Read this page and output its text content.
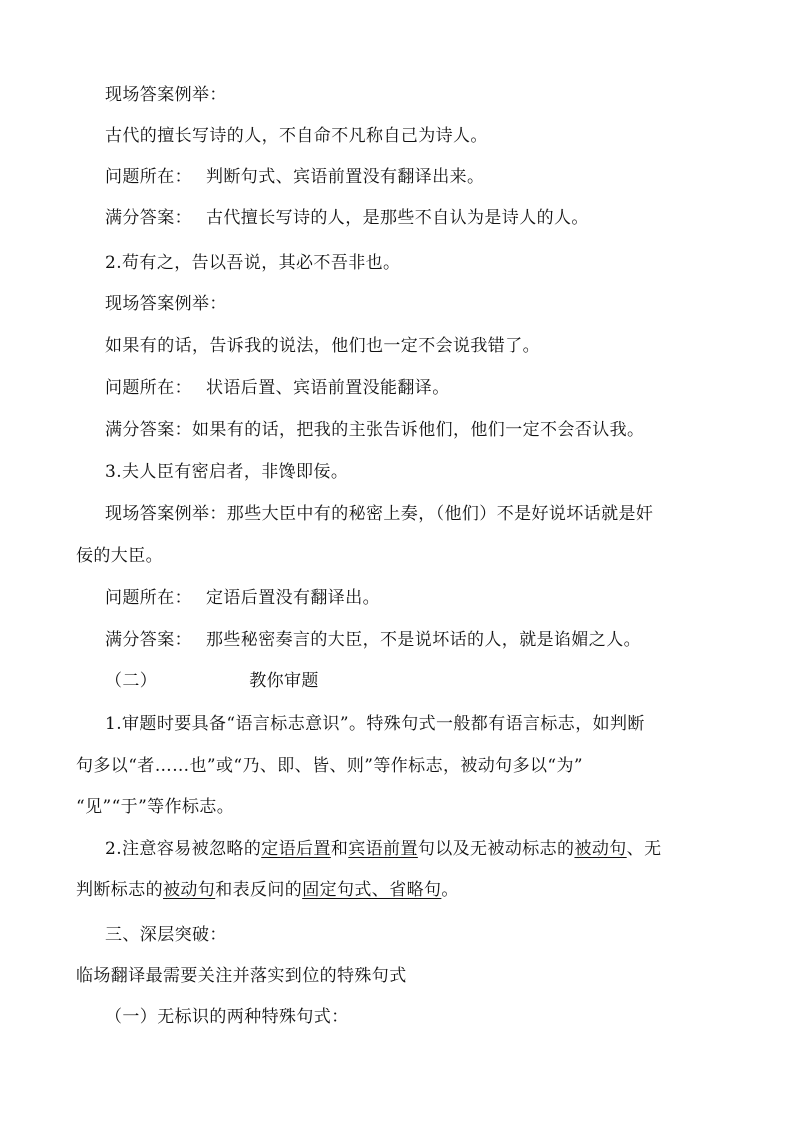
现场答案例举：
古代的擅长写诗的人，不自命不凡称自己为诗人。
问题所在： 判断句式、宾语前置没有翻译出来。
满分答案： 古代擅长写诗的人，是那些不自认为是诗人的人。
2.苟有之，告以吾说，其必不吾非也。
现场答案例举：
如果有的话，告诉我的说法，他们也一定不会说我错了。
问题所在： 状语后置、宾语前置没能翻译。
满分答案：如果有的话，把我的主张告诉他们，他们一定不会否认我。
3.夫人臣有密启者，非馋即佞。
现场答案例举：那些大臣中有的秘密上奏，（他们）不是好说坏话就是奸
佞的大臣。
问题所在： 定语后置没有翻译出。
满分答案： 那些秘密奏言的大臣，不是说坏话的人，就是谄媚之人。
（二）	教你审题
1.审题时要具备“语言标志意识”。特殊句式一般都有语言标志，如判断
句多以“者……也”或“乃、即、皆、则”等作标志，被动句多以“为”
“见”“于”等作标志。
2.注意容易被忽略的定语后置和宾语前置句以及无被动标志的被动句、无
判断标志的被动句和表反问的固定句式、省略句。
三、深层突破：
临场翻译最需要关注并落实到位的特殊句式
（一）无标识的两种特殊句式：
